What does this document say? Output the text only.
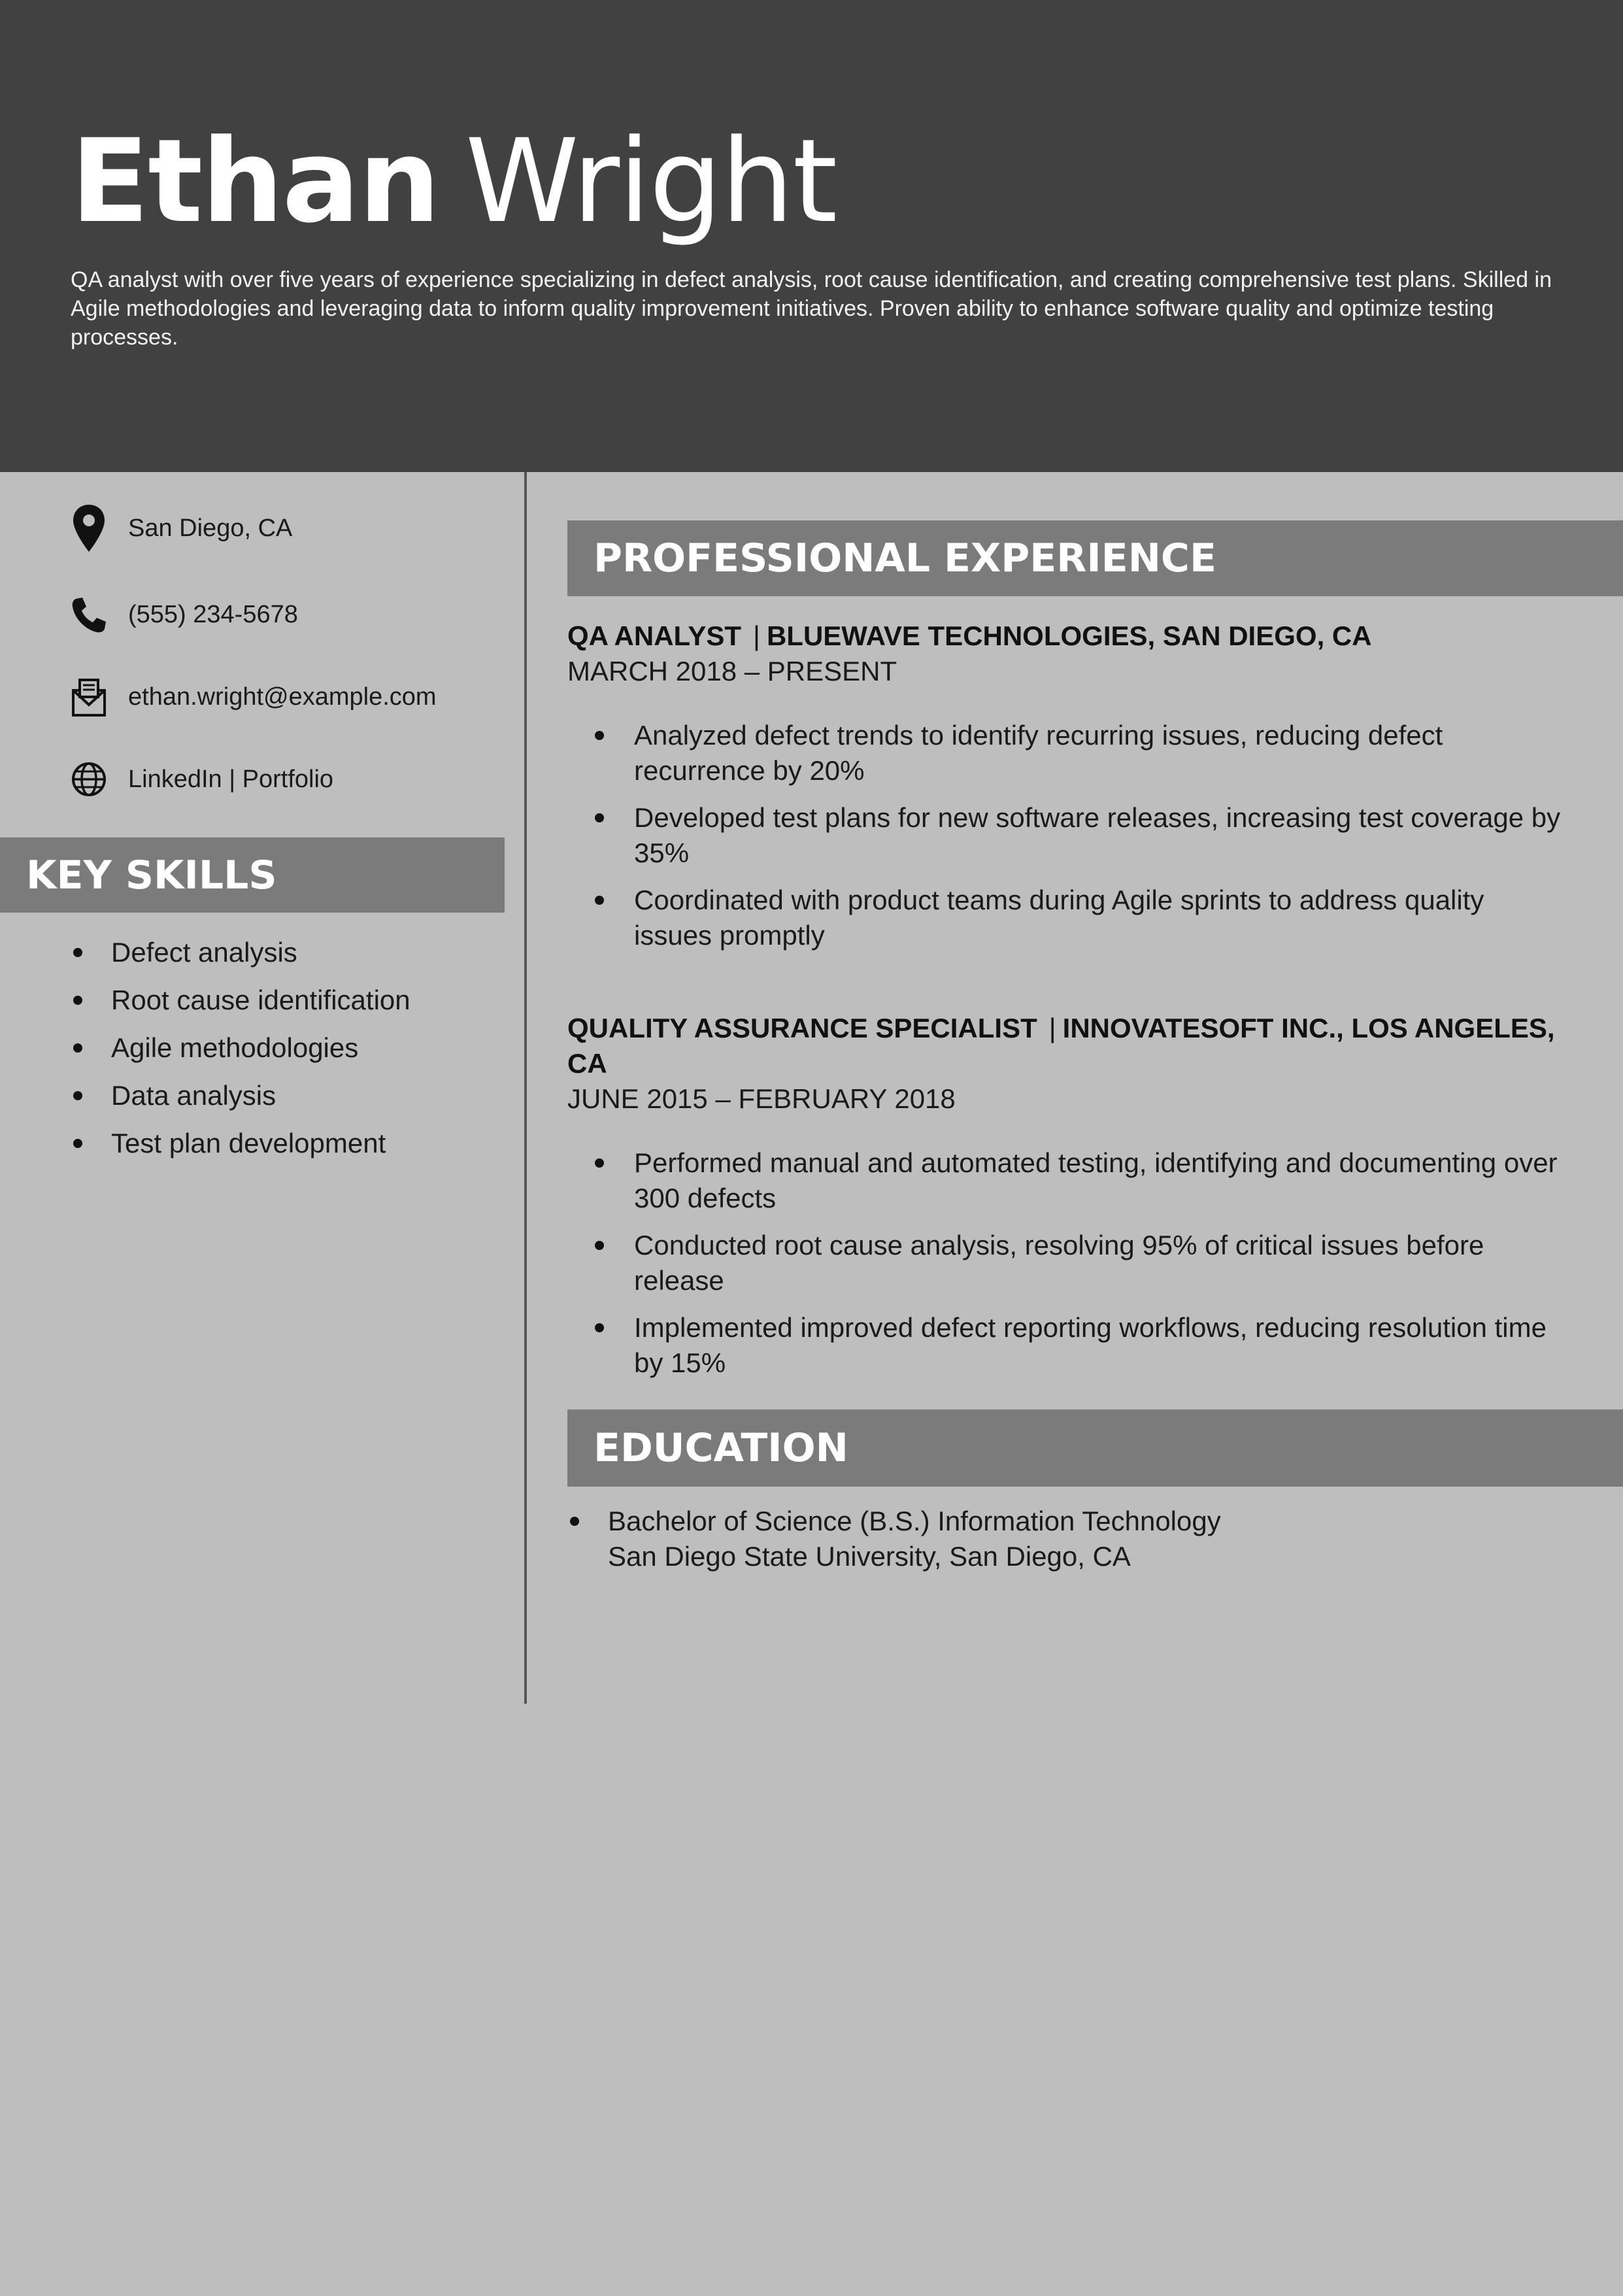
Ethan Wright
QA analyst with over five years of experience specializing in defect analysis, root cause identification, and creating comprehensive test plans. Skilled in Agile methodologies and leveraging data to inform quality improvement initiatives. Proven ability to enhance software quality and optimize testing processes.
San Diego, CA
(555) 234-5678
ethan.wright@example.com
LinkedIn | Portfolio
KEY SKILLS
Defect analysis
Root cause identification
Agile methodologies
Data analysis
Test plan development
PROFESSIONAL EXPERIENCE
QA ANALYST | BLUEWAVE TECHNOLOGIES, SAN DIEGO, CA
MARCH 2018 – PRESENT
Analyzed defect trends to identify recurring issues, reducing defect recurrence by 20%
Developed test plans for new software releases, increasing test coverage by 35%
Coordinated with product teams during Agile sprints to address quality issues promptly
QUALITY ASSURANCE SPECIALIST | INNOVATESOFT INC., LOS ANGELES, CA
JUNE 2015 – FEBRUARY 2018
Performed manual and automated testing, identifying and documenting over 300 defects
Conducted root cause analysis, resolving 95% of critical issues before release
Implemented improved defect reporting workflows, reducing resolution time by 15%
EDUCATION
Bachelor of Science (B.S.) Information Technology
San Diego State University, San Diego, CA
